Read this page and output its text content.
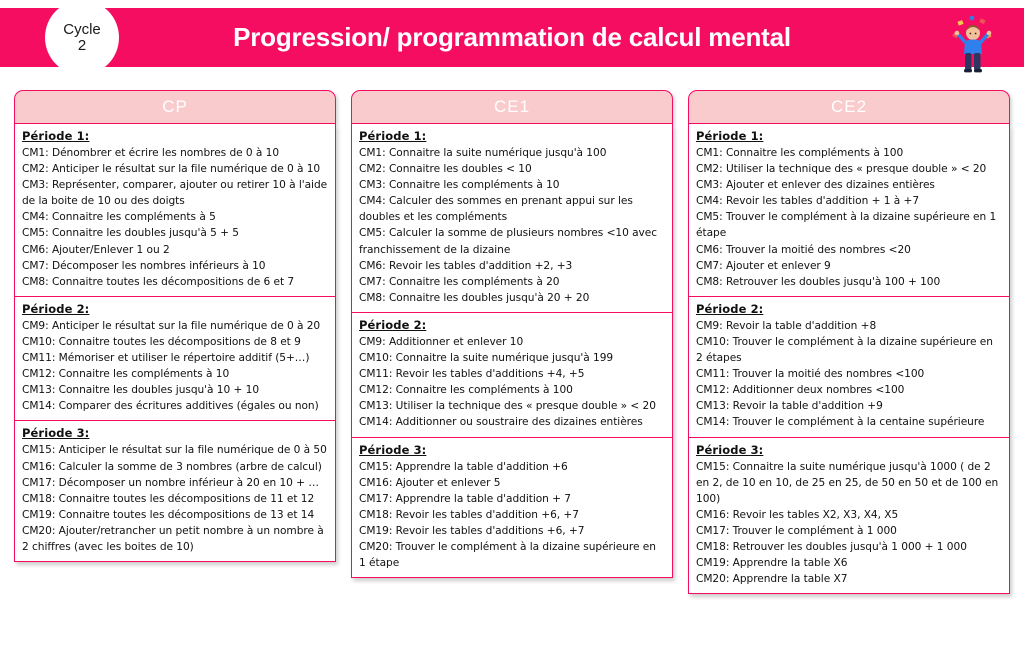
Progression/ programmation de calcul mental
Cycle
2
CP
Période 1:
CM1: Dénombrer et écrire les nombres de 0 à 10
CM2: Anticiper le résultat sur la file numérique de 0 à 10
CM3: Représenter, comparer, ajouter ou retirer 10 à l'aide de la boite de 10 ou des doigts
CM4: Connaitre les compléments à 5
CM5: Connaitre les doubles jusqu'à 5 + 5
CM6: Ajouter/Enlever 1 ou 2
CM7: Décomposer les nombres inférieurs à 10
CM8: Connaitre toutes les décompositions de 6 et 7
Période 2:
CM9: Anticiper le résultat sur la file numérique de 0 à 20
CM10: Connaitre toutes les décompositions de 8 et 9
CM11: Mémoriser et utiliser le répertoire additif (5+…)
CM12: Connaitre les compléments à 10
CM13: Connaitre les doubles jusqu'à 10 + 10
CM14: Comparer des écritures additives (égales ou non)
Période 3:
CM15: Anticiper le résultat sur la file numérique de 0 à 50
CM16: Calculer la somme de 3 nombres (arbre de calcul)
CM17: Décomposer un nombre inférieur à 20 en 10 + …
CM18: Connaitre toutes les décompositions de 11 et 12
CM19: Connaitre toutes les décompositions de 13 et 14
CM20: Ajouter/retrancher un petit nombre à un nombre à 2 chiffres (avec les boites de 10)
CE1
Période 1:
CM1: Connaitre la suite numérique jusqu'à 100
CM2: Connaitre les doubles < 10
CM3: Connaitre les compléments à 10
CM4: Calculer des sommes en prenant appui sur les doubles et les compléments
CM5: Calculer la somme de plusieurs nombres <10 avec franchissement de la dizaine
CM6: Revoir les tables d'addition +2, +3
CM7: Connaitre les compléments à 20
CM8: Connaitre les doubles jusqu'à 20 + 20
Période 2:
CM9: Additionner et enlever 10
CM10: Connaitre la suite numérique jusqu'à 199
CM11: Revoir les tables d'additions +4, +5
CM12: Connaitre les compléments à 100
CM13: Utiliser la technique des « presque double » < 20
CM14: Additionner ou soustraire des dizaines entières
Période 3:
CM15: Apprendre la table d'addition +6
CM16: Ajouter et enlever 5
CM17: Apprendre la table d'addition + 7
CM18: Revoir les tables d'addition +6, +7
CM19: Revoir les tables d'additions +6, +7
CM20: Trouver le complément à la dizaine supérieure en 1 étape
CE2
Période 1:
CM1: Connaitre les compléments à 100
CM2: Utiliser la technique des « presque double » < 20
CM3: Ajouter et enlever des dizaines entières
CM4: Revoir les tables d'addition + 1 à +7
CM5: Trouver le complément à la dizaine supérieure en 1 étape
CM6: Trouver la moitié des nombres <20
CM7: Ajouter et enlever 9
CM8: Retrouver les doubles jusqu'à 100 + 100
Période 2:
CM9: Revoir la table d'addition +8
CM10: Trouver le complément à la dizaine supérieure en 2 étapes
CM11: Trouver la moitié des nombres <100
CM12: Additionner deux nombres <100
CM13: Revoir la table d'addition +9
CM14: Trouver le complément à la centaine supérieure
Période 3:
CM15: Connaitre la suite numérique jusqu'à 1000 ( de 2 en 2, de 10 en 10, de 25 en 25, de 50 en 50 et de 100 en 100)
CM16: Revoir les tables X2, X3, X4, X5
CM17: Trouver le complément à 1 000
CM18: Retrouver les doubles jusqu'à 1 000 + 1 000
CM19: Apprendre la table X6
CM20: Apprendre la table X7
